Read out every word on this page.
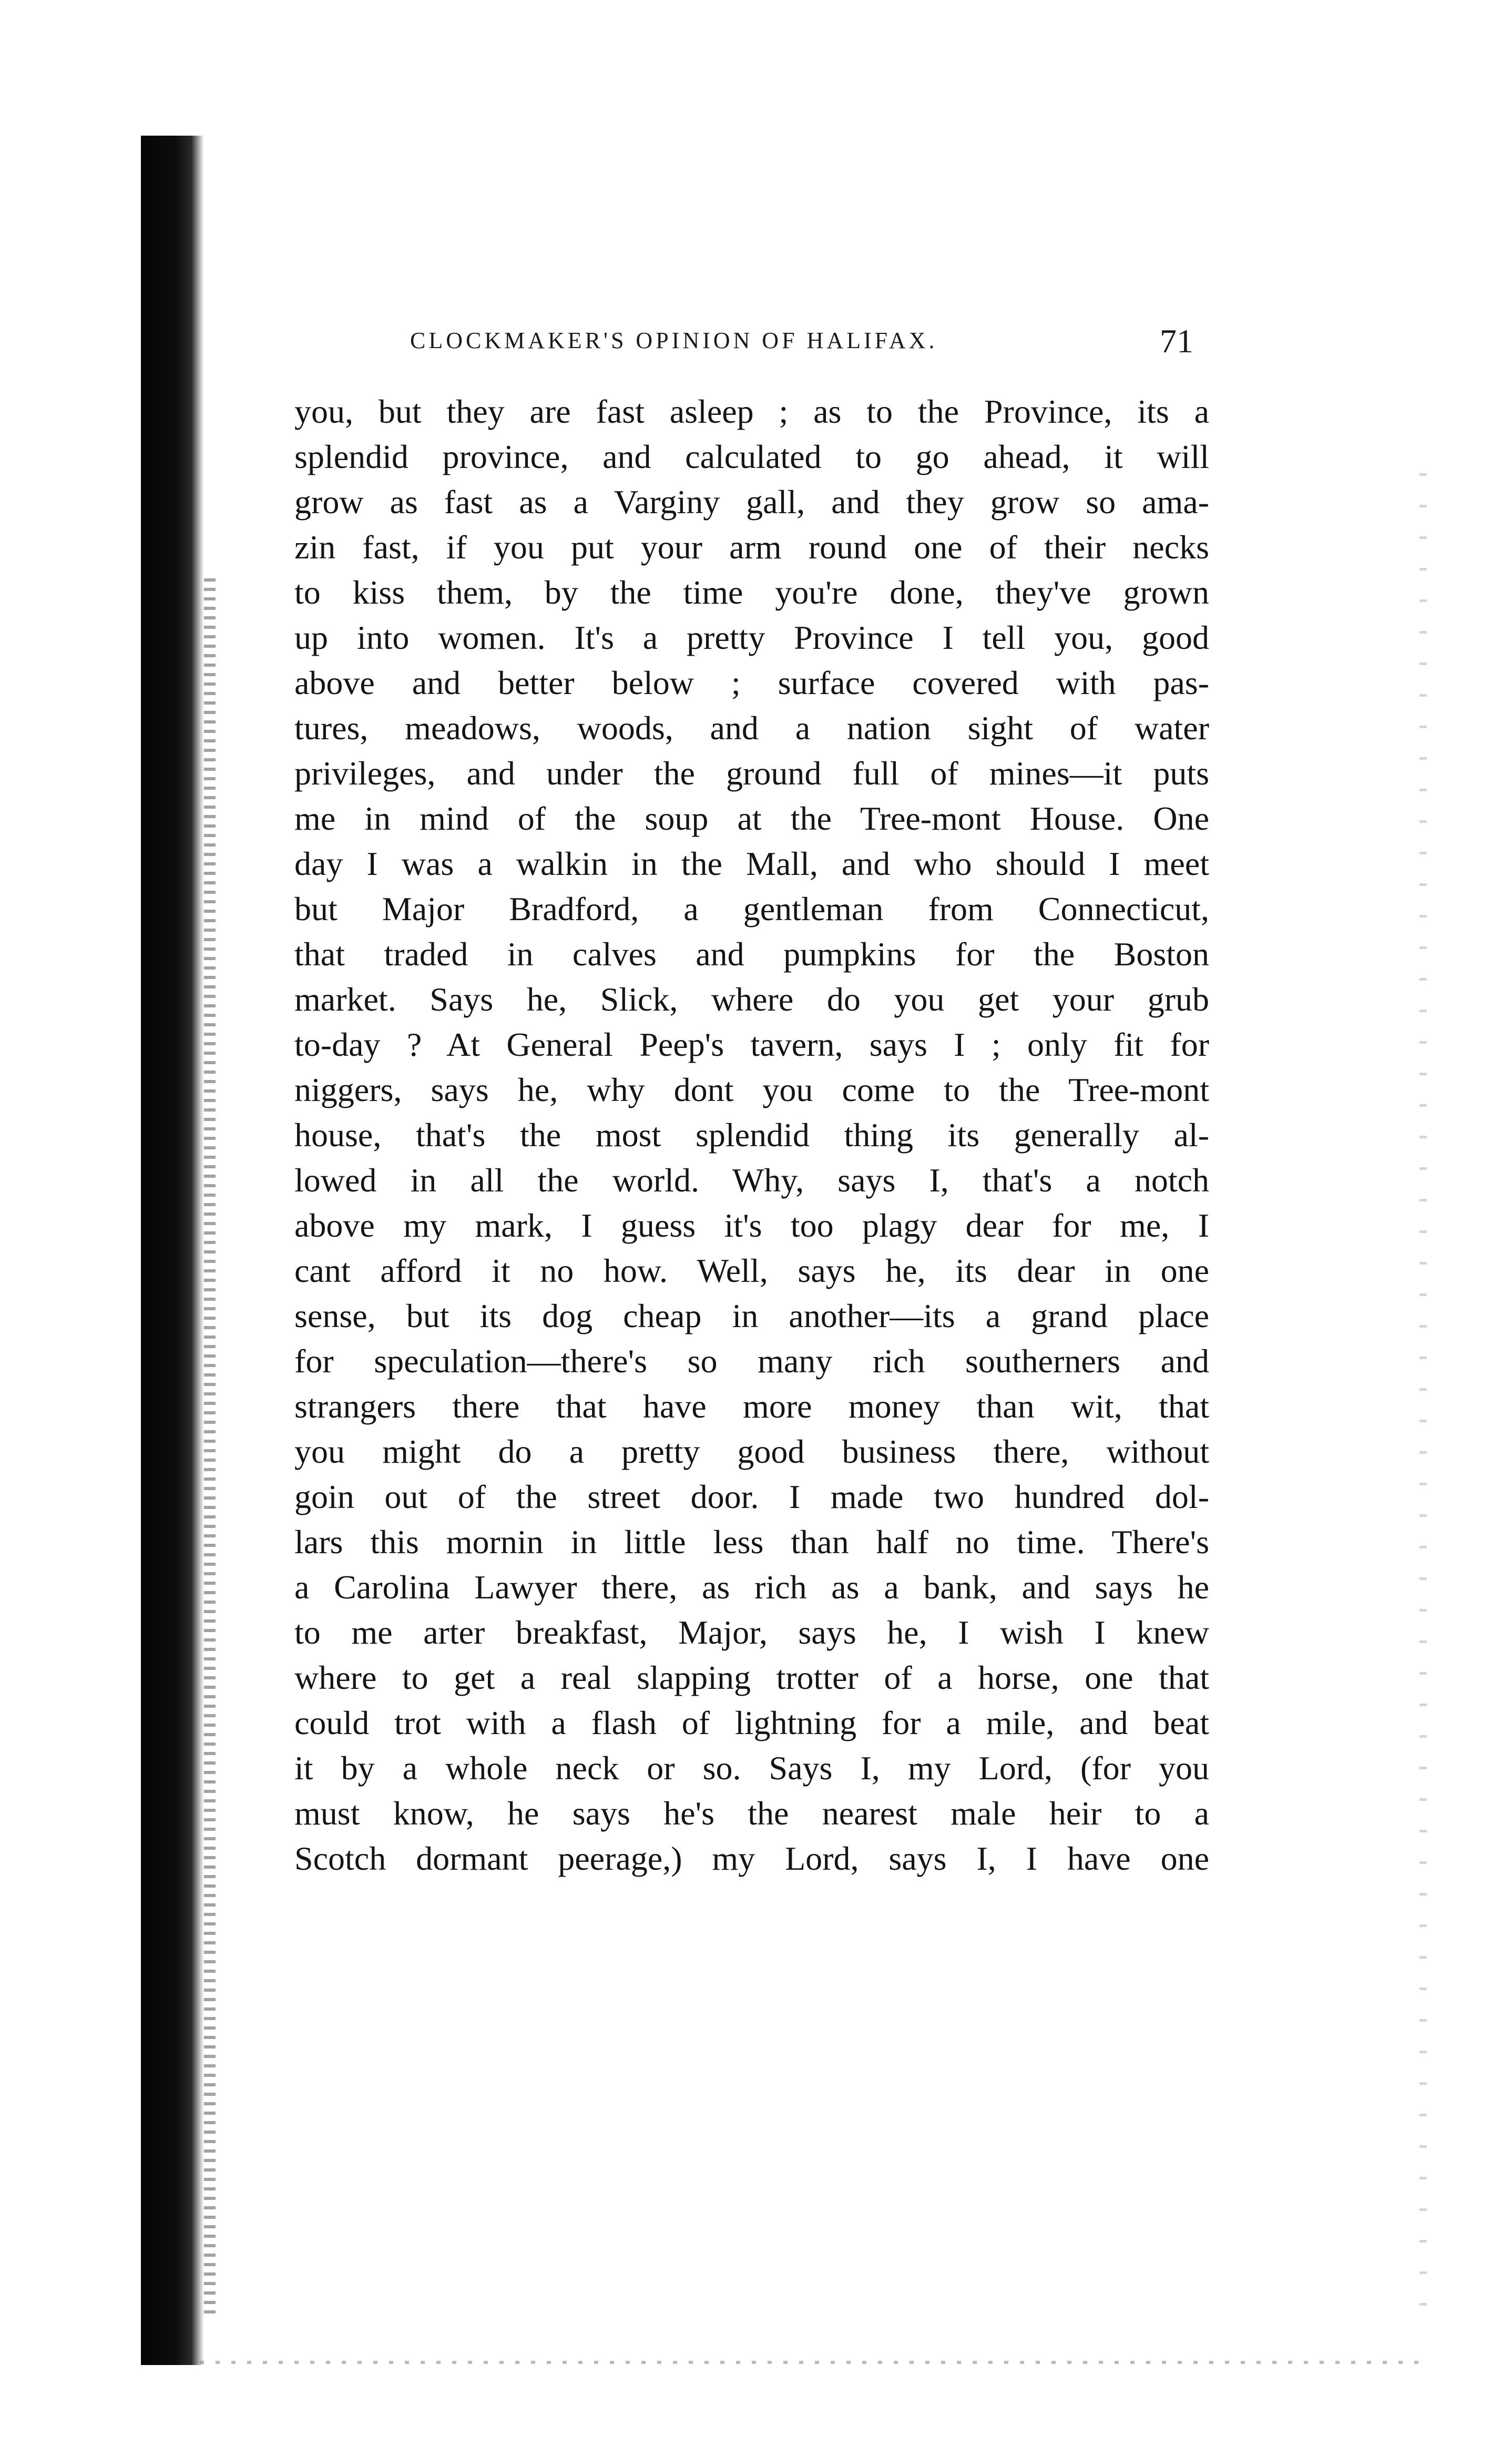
CLOCKMAKER'S OPINION OF HALIFAX.	71
you, but they are fast asleep ; as to the Province, its a
splendid province, and calculated to go ahead, it will
grow as fast as a Varginy gall, and they grow so ama-
zin fast, if you put your arm round one of their necks
to kiss them, by the time you're done, they've grown
up into women. It's a pretty Province I tell you, good
above and better below ; surface covered with pas-
tures, meadows, woods, and a nation sight of water
privileges, and under the ground full of mines—it puts
me in mind of the soup at the Tree-mont House. One
day I was a walkin in the Mall, and who should I meet
but Major Bradford, a gentleman from Connecticut,
that traded in calves and pumpkins for the Boston
market. Says he, Slick, where do you get your grub
to-day ? At General Peep's tavern, says I ; only fit for
niggers, says he, why dont you come to the Tree-mont
house, that's the most splendid thing its generally al-
lowed in all the world. Why, says I, that's a notch
above my mark, I guess it's too plagy dear for me, I
cant afford it no how. Well, says he, its dear in one
sense, but its dog cheap in another—its a grand place
for speculation—there's so many rich southerners and
strangers there that have more money than wit, that
you might do a pretty good business there, without
goin out of the street door. I made two hundred dol-
lars this mornin in little less than half no time. There's
a Carolina Lawyer there, as rich as a bank, and says he
to me arter breakfast, Major, says he, I wish I knew
where to get a real slapping trotter of a horse, one that
could trot with a flash of lightning for a mile, and beat
it by a whole neck or so. Says I, my Lord, (for you
must know, he says he's the nearest male heir to a
Scotch dormant peerage,) my Lord, says I, I have one
